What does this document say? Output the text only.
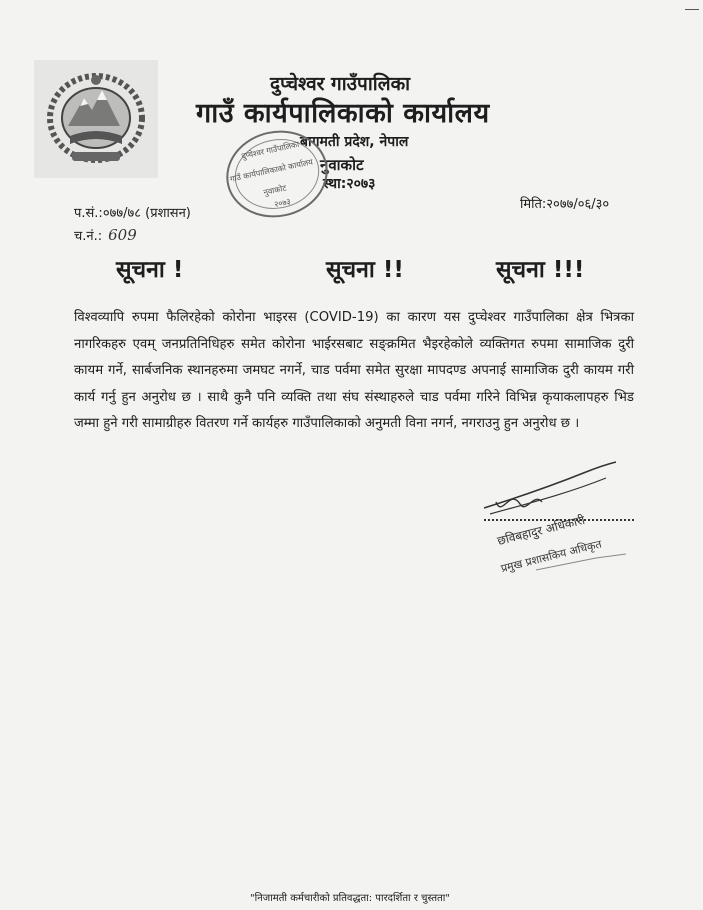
दुप्चेश्वर गाउँपालिका
गाउँ कार्यपालिकाको कार्यालय
बागमती प्रदेश, नेपाल
नुवाकोट
स्था:२०७३
दुप्चेश्वर गाउँपालिका
गाउँ कार्यपालिकाको कार्यालय
नुवाकोट
२०७३
प.सं.:०७७/७८ (प्रशासन)
च.नं.: 609
मिति:२०७७/०६/३०
सूचना !	सूचना !!	सूचना !!!
विश्वव्यापि रुपमा फैलिरहेको कोरोना भाइरस (COVID-19) का कारण यस दुप्चेश्वर गाउँपालिका क्षेत्र भित्रका नागरिकहरु एवम् जनप्रतिनिधिहरु समेत कोरोना भाईरसबाट सङ्क्रमित भैइरहेकोले व्यक्तिगत रुपमा सामाजिक दुरी कायम गर्ने, सार्बजनिक स्थानहरुमा जमघट नगर्ने, चाड पर्वमा समेत सुरक्षा मापदण्ड अपनाई सामाजिक दुरी कायम गरी कार्य गर्नु हुन अनुरोध छ । साथै कुनै पनि व्यक्ति तथा संघ संस्थाहरुले चाड पर्वमा गरिने विभिन्न कृयाकलापहरु भिड जम्मा हुने गरी सामाग्रीहरु वितरण गर्ने कार्यहरु गाउँपालिकाको अनुमती विना नगर्न, नगराउनु हुन अनुरोध छ ।
छविबहादुर अधिकारी
प्रमुख प्रशासकिय अधिकृत
"निजामती कर्मचारीको प्रतिवद्धता: पारदर्शिता र चुस्तता"
